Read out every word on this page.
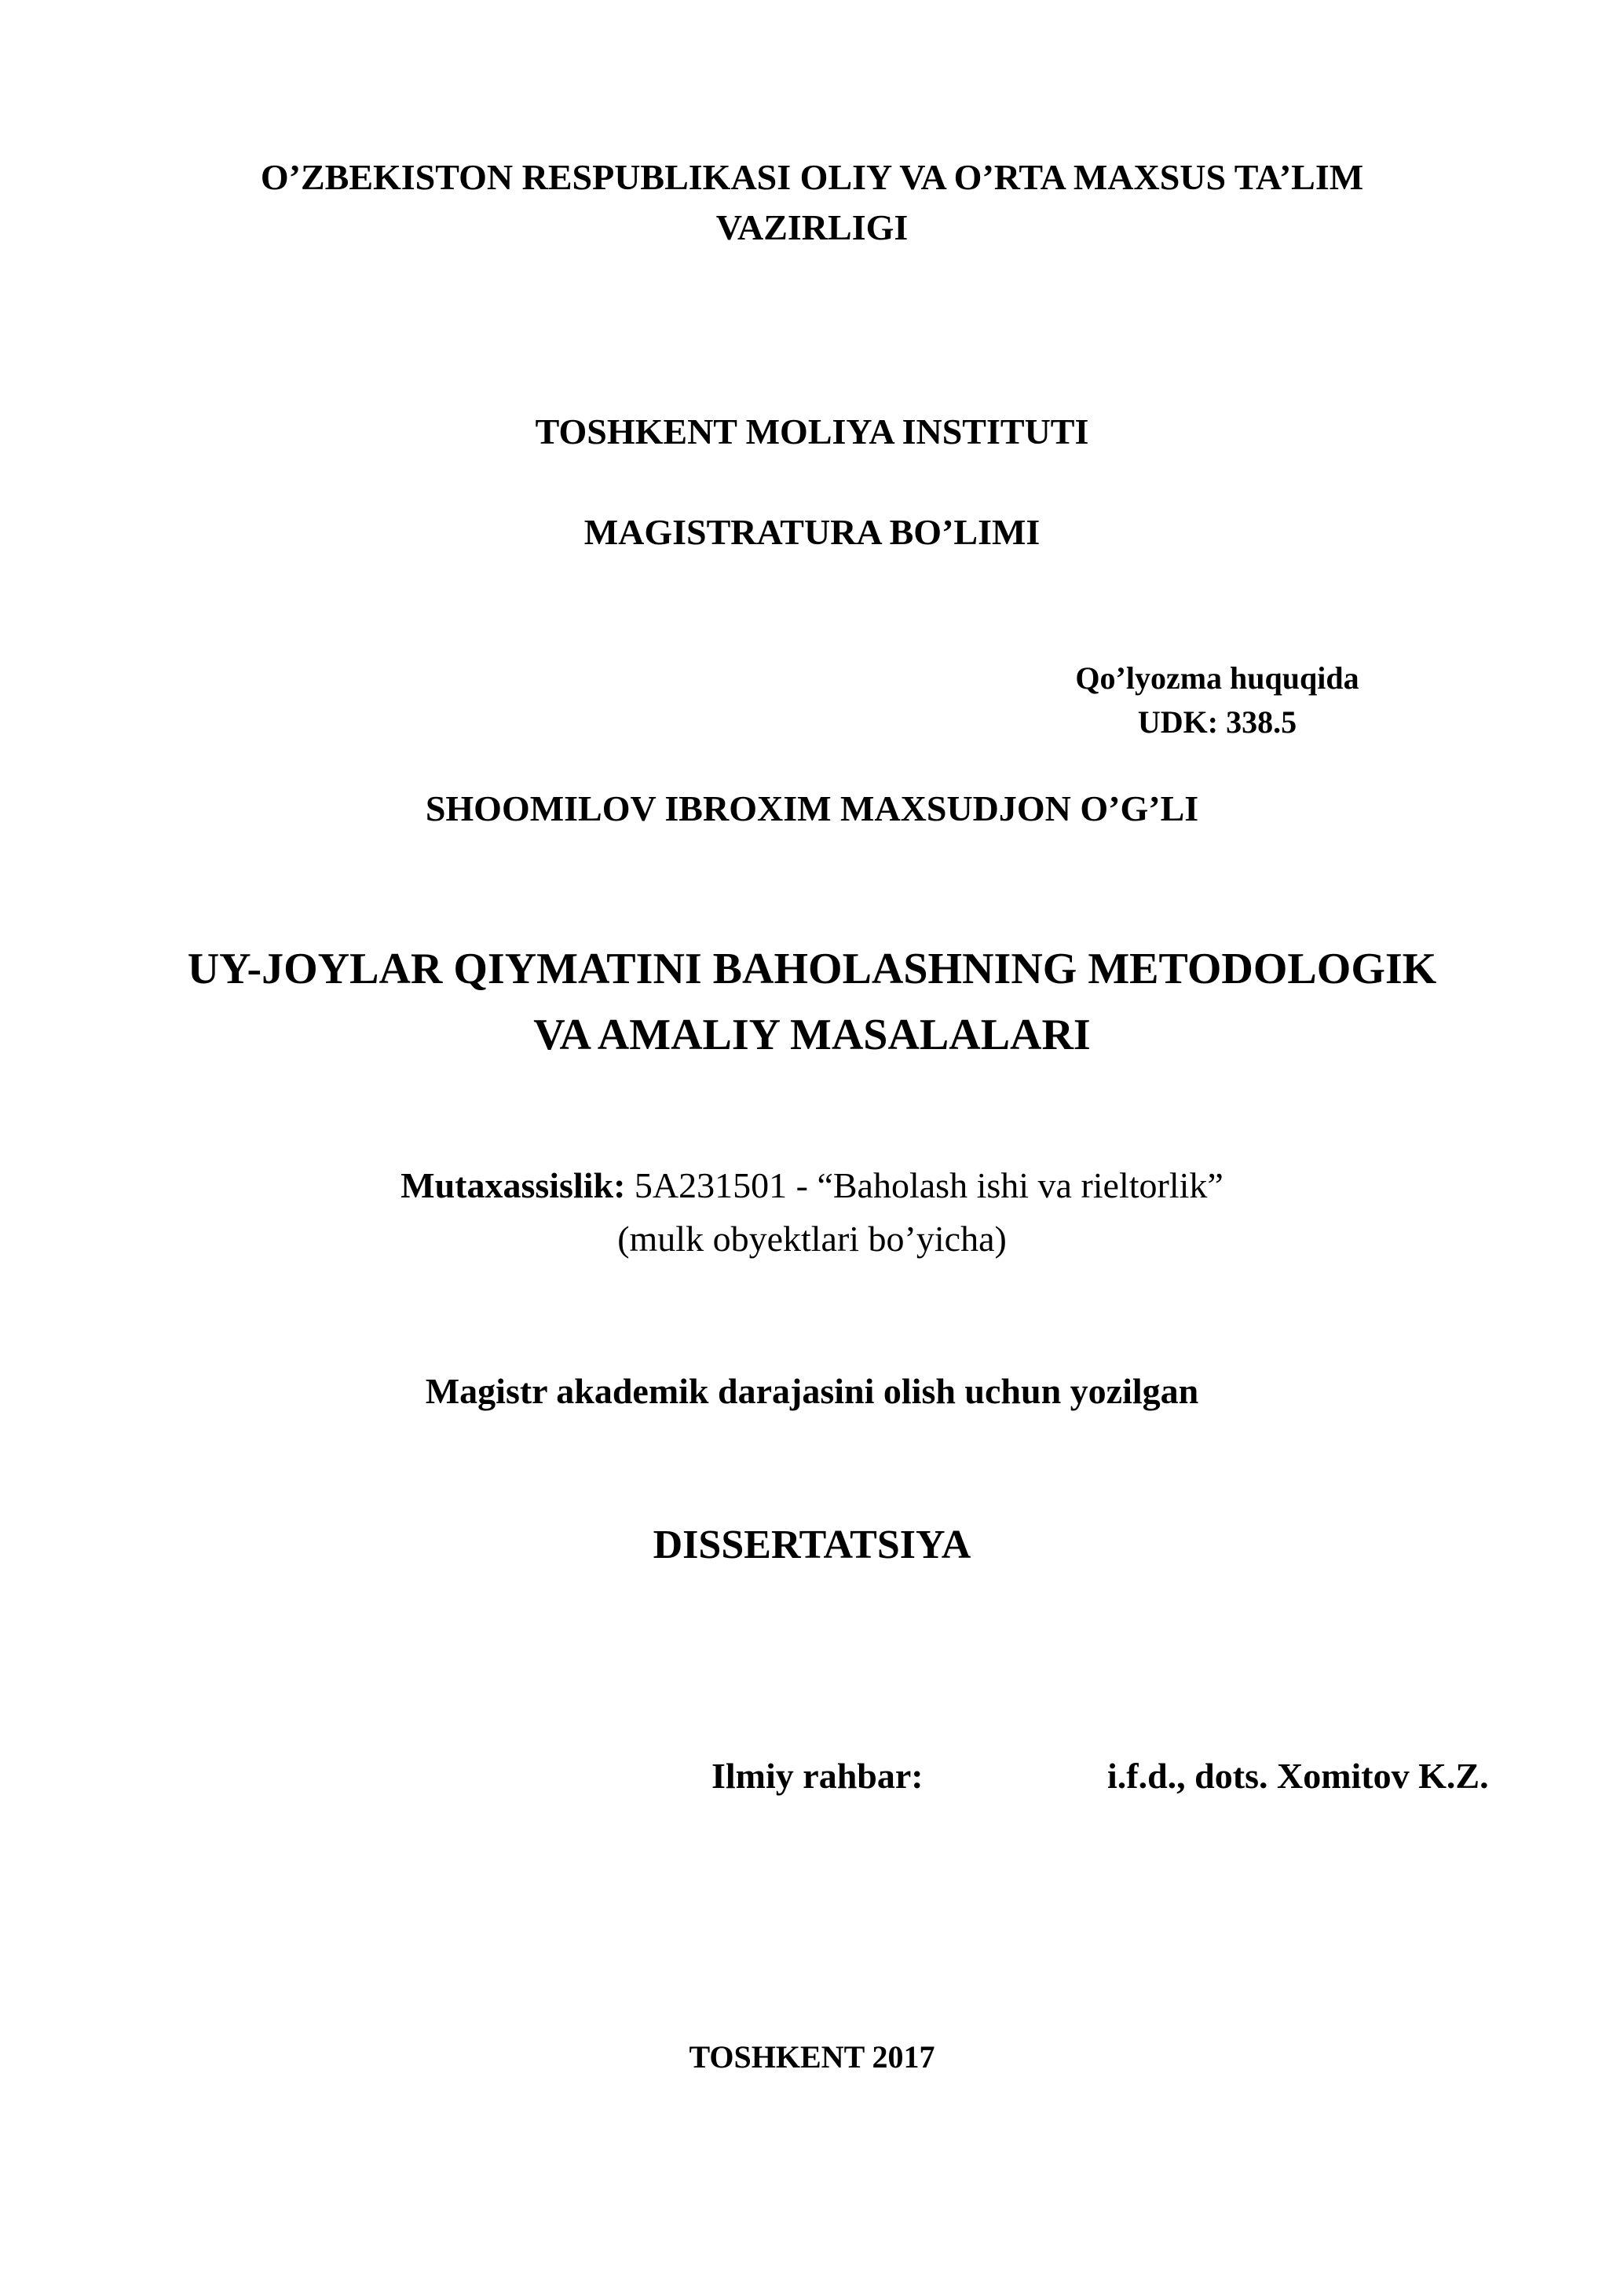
O’ZBEKISTON RESPUBLIKASI OLIY VA O’RTA MAXSUS TA’LIM
VAZIRLIGI
TOSHKENT MOLIYA INSTITUTI
MAGISTRATURA BO’LIMI
Qo’lyozma huquqida
UDK: 338.5
SHOOMILOV IBROXIM MAXSUDJON O’G’LI
UY-JOYLAR QIYMATINI BAHOLASHNING METODOLOGIK
VA AMALIY MASALALARI
Mutaxassislik: 5A231501 - “Baholash ishi va rieltorlik”
(mulk obyektlari bo’yicha)
Magistr akademik darajasini olish uchun yozilgan
DISSERTATSIYA
Ilmiy rahbar:	i.f.d., dots. Xomitov K.Z.
TOSHKENT 2017
